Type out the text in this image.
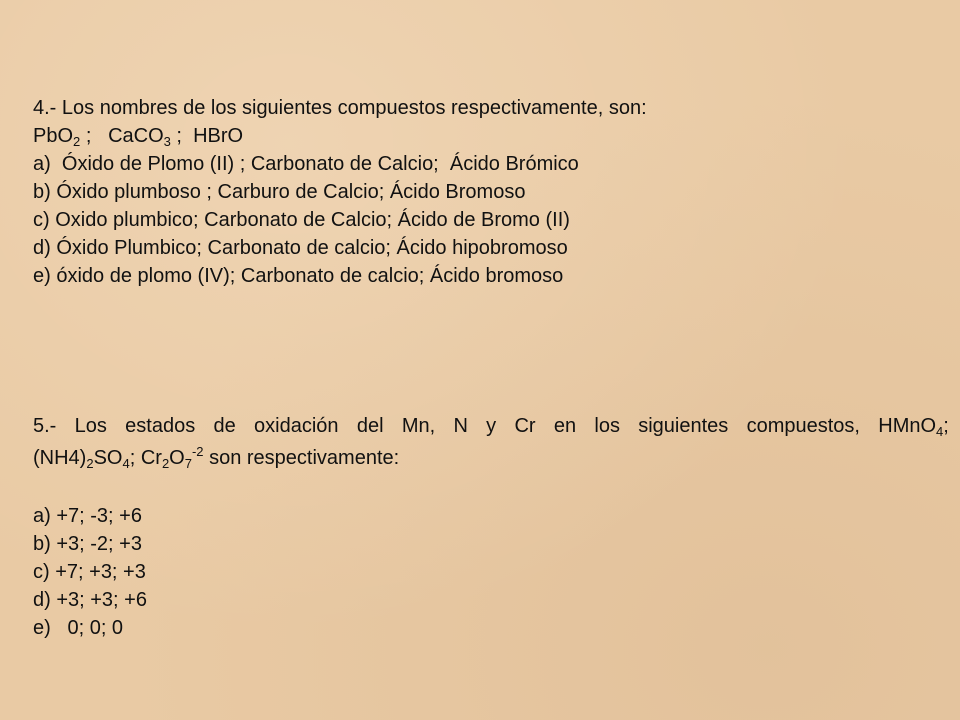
4.- Los nombres de los siguientes compuestos respectivamente, son:
PbO$_2$ ;   CaCO$_3$ ;  HBrO
a)  Óxido de Plomo (II) ; Carbonato de Calcio;  Ácido Brómico
b) Óxido plumboso ; Carburo de Calcio; Ácido Bromoso
c) Oxido plumbico; Carbonato de Calcio; Ácido de Bromo (II)
d) Óxido Plumbico; Carbonato de calcio; Ácido hipobromoso
e) óxido de plomo (IV); Carbonato de calcio; Ácido bromoso
5.- Los estados de oxidación del Mn, N y Cr en los siguientes compuestos, HMnO$_4$;
$(NH4)_2SO_4$; $Cr_2O_7^{-2}$ son respectivamente:
a) +7; -3; +6
b) +3; -2; +3
c) +7; +3; +3
d) +3; +3; +6
e)   0; 0; 0
